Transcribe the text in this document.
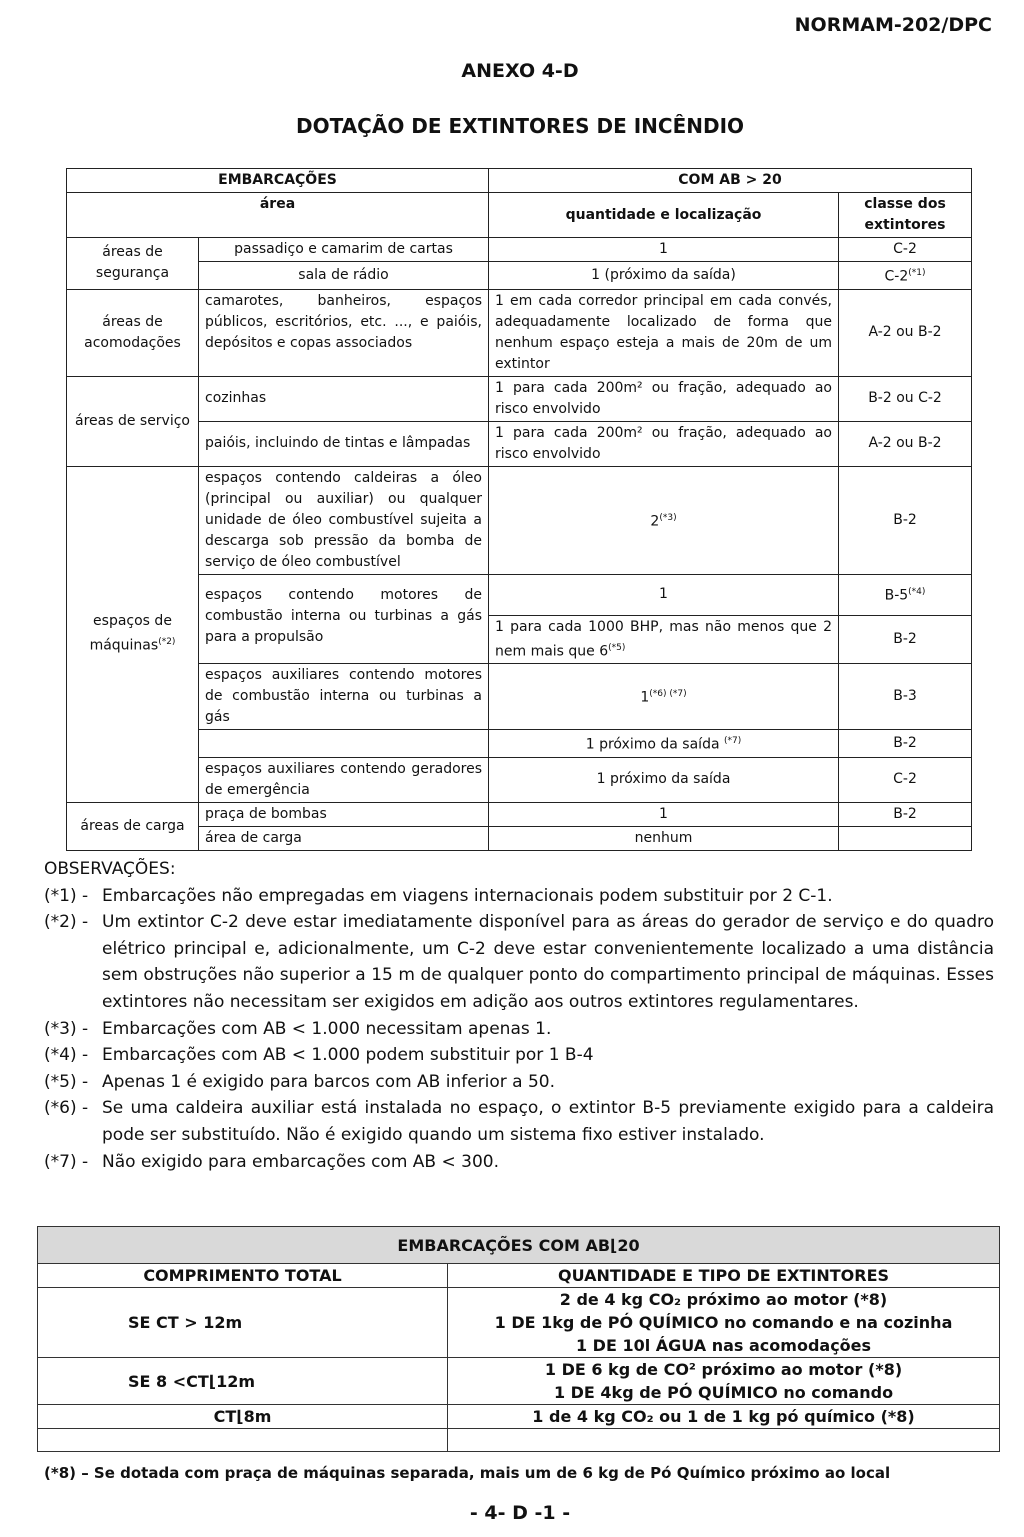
NORMAM-202/DPC
ANEXO 4-D
DOTAÇÃO DE EXTINTORES DE INCÊNDIO
EMBARCAÇÕES		COM AB > 20	
área		quantidade e localização	classe dos extintores
áreas de segurança	passadiço e camarim de cartas	1	C-2
	sala de rádio	1 (próximo da saída)	$C-2^{(*1)}$
áreas de acomodações	camarotes, banheiros, espaços públicos, escritórios, etc. ..., e paióis, depósitos e copas associados	1 em cada corredor principal em cada convés, adequadamente localizado de forma que nenhum espaço esteja a mais de 20m de um extintor	A-2 ou B-2
áreas de serviço	cozinhas	1 para cada 200m² ou fração, adequado ao risco envolvido	B-2 ou C-2
	paióis, incluindo de tintas e lâmpadas	1 para cada 200m² ou fração, adequado ao risco envolvido	A-2 ou B-2
espaços de máquinas$^{(*2)}$	espaços contendo caldeiras a óleo (principal ou auxiliar) ou qualquer unidade de óleo combustível sujeita a descarga sob pressão da bomba de serviço de óleo combustível	$2^{(*3)}$	B-2
	espaços contendo motores de combustão interna ou turbinas a gás para a propulsão	1	$B-5^{(*4)}$
		1 para cada 1000 BHP, mas não menos que 2 nem mais que $6^{(*5)}$	B-2
	espaços auxiliares contendo motores de combustão interna ou turbinas a gás	$1^{(*6) (*7)}$	B-3
		1 próximo da saída $^{(*7)}$	B-2
	espaços auxiliares contendo geradores de emergência	1 próximo da saída	C-2
áreas de carga	praça de bombas	1	B-2
	área de carga	nenhum	
OBSERVAÇÕES:
(*1) - Embarcações não empregadas em viagens internacionais podem substituir por 2 C-1.
(*2) - Um extintor C-2 deve estar imediatamente disponível para as áreas do gerador de serviço e do quadro elétrico principal e, adicionalmente, um C-2 deve estar convenientemente localizado a uma distância sem obstruções não superior a 15 m de qualquer ponto do compartimento principal de máquinas. Esses extintores não necessitam ser exigidos em adição aos outros extintores regulamentares.
(*3) - Embarcações com AB < 1.000 necessitam apenas 1.
(*4) - Embarcações com AB < 1.000 podem substituir por 1 B-4
(*5) - Apenas 1 é exigido para barcos com AB inferior a 50.
(*6) - Se uma caldeira auxiliar está instalada no espaço, o extintor B-5 previamente exigido para a caldeira pode ser substituído. Não é exigido quando um sistema fixo estiver instalado.
(*7) - Não exigido para embarcações com AB < 300.
EMBARCAÇÕES COM AB⌊20	
COMPRIMENTO TOTAL	QUANTIDADE E TIPO DE EXTINTORES
SE CT > 12m	2 de 4 kg CO₂ próximo ao motor (*8)
1 DE 1kg de PÓ QUÍMICO no comando e na cozinha
1 DE 10l ÁGUA nas acomodações

SE 8 <CT⌊12m	1 DE 6 kg de CO² próximo ao motor (*8)
1 DE 4kg de PÓ QUÍMICO no comando

CT⌊8m	1 de 4 kg CO₂ ou 1 de 1 kg pó químico (*8)

(*8) – Se dotada com praça de máquinas separada, mais um de 6 kg de Pó Químico próximo ao local
- 4- D -1 -
